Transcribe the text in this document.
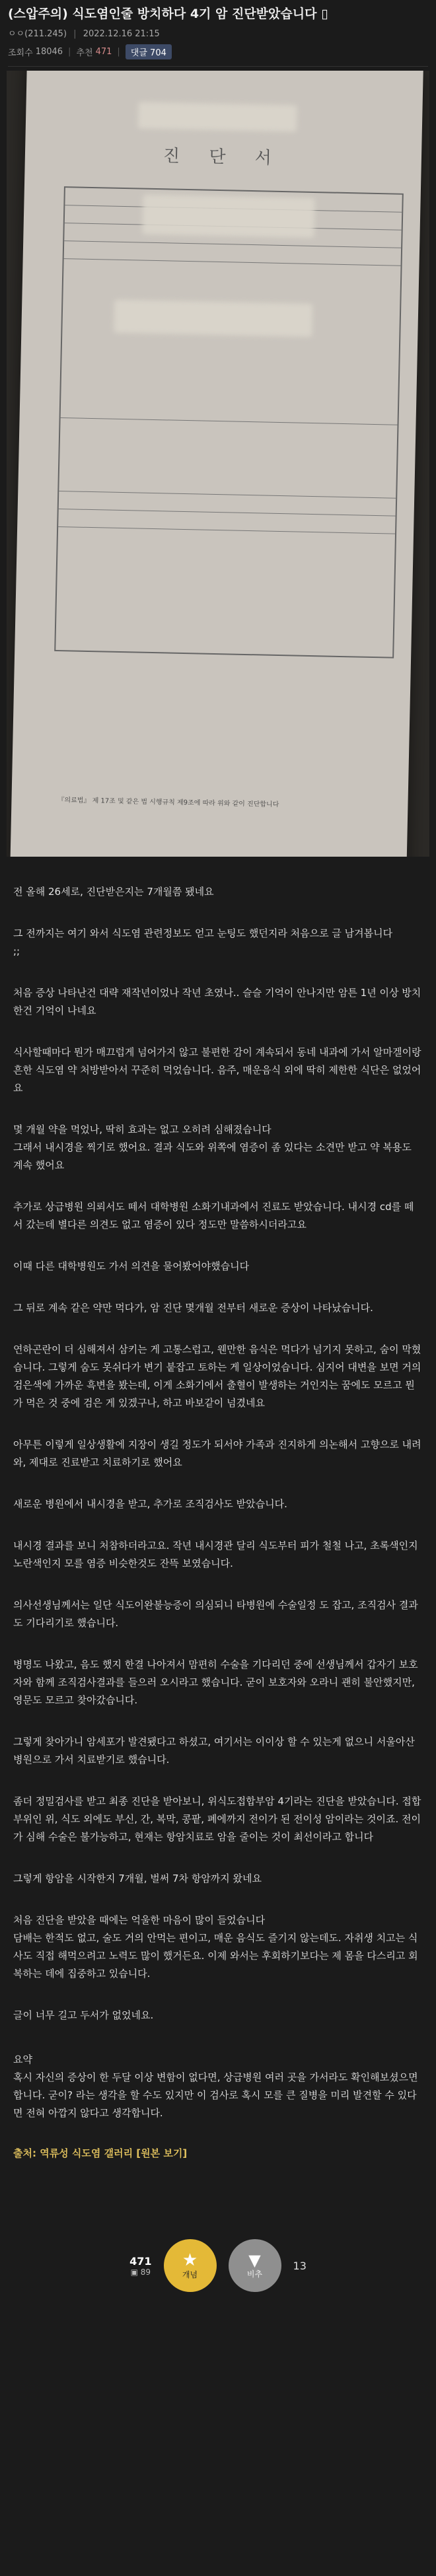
(스압주의) 식도염인줄 방치하다 4기 암 진단받았습니다 ▯
ㅇㅇ(211.245) | 2022.12.16 21:15
조회수 18046 | 추천 471 |	댓글 704
진 단 서
『의료법』 제 17조 및 같은 법 시행규칙 제9조에 따라 위와 같이 진단합니다

전 올해 26세로, 진단받은지는 7개월쯤 됐네요

그 전까지는 여기 와서 식도염 관련정보도 얻고 눈팅도 했던지라 처음으로 글 남겨봅니다
;;

처음 증상 나타난건 대략 재작년이었나 작년 초였나.. 슬슬 기억이 안나지만 암튼 1년 이상 방치한건 기억이 나네요

식사할때마다 뭔가 매끄럽게 넘어가지 않고 불편한 감이 계속되서 동네 내과에 가서 알마겔이랑 흔한 식도염 약 처방받아서 꾸준히 먹었습니다. 음주, 매운음식 외에 딱히 제한한 식단은 없었어요

몇 개월 약을 먹었나, 딱히 효과는 없고 오히려 심해졌습니다
그래서 내시경을 찍기로 했어요. 결과 식도와 위쪽에 염증이 좀 있다는 소견만 받고 약 복용도 계속 했어요

추가로 상급병원 의뢰서도 떼서 대학병원 소화기내과에서 진료도 받았습니다. 내시경 cd를 떼서 갔는데 별다른 의견도 없고 염증이 있다 정도만 말씀하시더라고요

이때 다른 대학병원도 가서 의견을 물어봤어야했습니다

그 뒤로 계속 같은 약만 먹다가, 암 진단 몇개월 전부터 새로운 증상이 나타났습니다.

연하곤란이 더 심해져서 삼키는 게 고통스럽고, 웬만한 음식은 먹다가 넘기지 못하고, 숨이 막혔습니다. 그렇게 숨도 못쉬다가 변기 붙잡고 토하는 게 일상이었습니다. 심지어 대변을 보면 거의 검은색에 가까운 흑변을 봤는데, 이게 소화기에서 출혈이 발생하는 거인지는 꿈에도 모르고 뭔가 먹은 것 중에 검은 게 있겠구나, 하고 바보같이 넘겼네요

아무튼 이렇게 일상생활에 지장이 생길 정도가 되서야 가족과 진지하게 의논해서 고향으로 내려와, 제대로 진료받고 치료하기로 했어요

새로운 병원에서 내시경을 받고, 추가로 조직검사도 받았습니다.

내시경 결과를 보니 처참하더라고요. 작년 내시경관 달리 식도부터 피가 철철 나고, 초록색인지 노란색인지 모를 염증 비슷한것도 잔뜩 보였습니다.

의사선생님께서는 일단 식도이완불능증이 의심되니 타병원에 수술일정 도 잡고, 조직검사 결과도 기다리기로 했습니다.

병명도 나왔고, 음도 했지 한결 나아져서 맘편히 수술을 기다리던 중에 선생님께서 갑자기 보호자와 함께 조직검사결과를 들으러 오시라고 했습니다. 굳이 보호자와 오라니 괜히 불안했지만, 영문도 모르고 찾아갔습니다.

그렇게 찾아가니 암세포가 발견됐다고 하셨고, 여기서는 이이상 할 수 있는게 없으니 서울아산병원으로 가서 치료받기로 했습니다.

좀더 정밀검사를 받고 최종 진단을 받아보니, 위식도접합부암 4기라는 진단을 받았습니다. 접합부위인 위, 식도 외에도 부신, 간, 복막, 콩팥, 폐에까지 전이가 된 전이성 암이라는 것이죠. 전이가 심해 수술은 불가능하고, 현재는 항암치료로 암을 줄이는 것이 최선이라고 합니다

그렇게 항암을 시작한지 7개월, 벌써 7차 항암까지 왔네요

처음 진단을 받았을 때에는 억울한 마음이 많이 들었습니다
담배는 한적도 없고, 술도 거의 안먹는 편이고, 매운 음식도 즐기지 않는데도. 자취생 치고는 식사도 직접 해먹으려고 노력도 많이 했거든요. 이제 와서는 후회하기보다는 제 몸을 다스리고 회복하는 데에 집중하고 있습니다.

글이 너무 길고 두서가 없었네요.

요약
혹시 자신의 증상이 한 두달 이상 변함이 없다면, 상급병원 여러 곳을 가서라도 확인해보셨으면 합니다. 굳이? 라는 생각을 할 수도 있지만 이 검사로 혹시 모를 큰 질병을 미리 발견할 수 있다면 전혀 아깝지 않다고 생각합니다.

출처: 역류성 식도염 갤러리 [원본 보기]
471
▣ 89
★
개념
▼
비추
13
